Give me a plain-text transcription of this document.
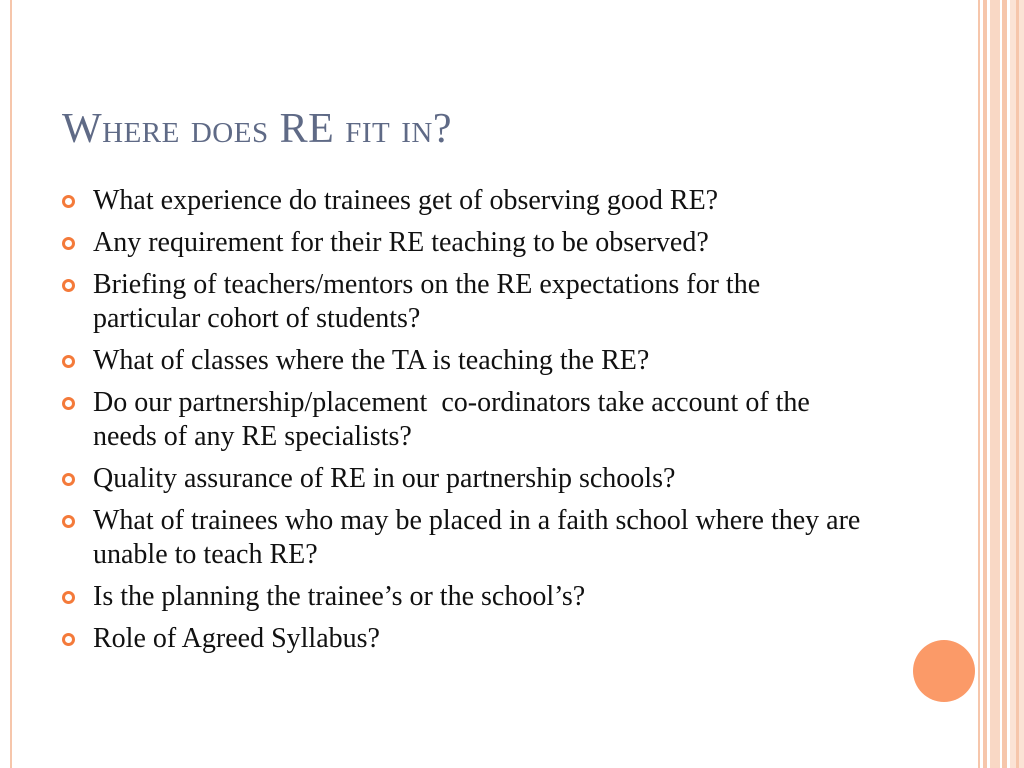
Where does RE fit in?
What experience do trainees get of observing good RE?
Any requirement for their RE teaching to be observed?
Briefing of teachers/mentors on the RE expectations for the particular cohort of students?
What of classes where the TA is teaching the RE?
Do our partnership/placement  co-ordinators take account of the needs of any RE specialists?
Quality assurance of RE in our partnership schools?
What of trainees who may be placed in a faith school where they are unable to teach RE?
Is the planning the trainee’s or the school’s?
Role of Agreed Syllabus?
